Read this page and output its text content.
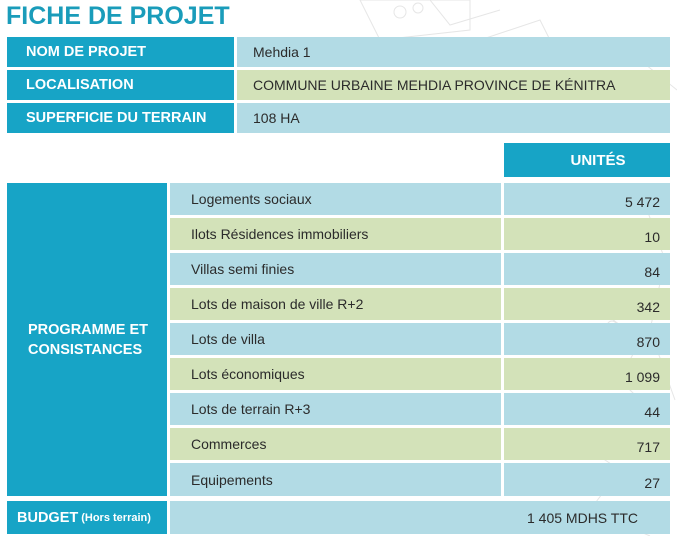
FICHE DE PROJET
NOM DE PROJET	Mehdia 1
LOCALISATION	COMMUNE URBAINE MEHDIA PROVINCE DE KÉNITRA
SUPERFICIE DU TERRAIN	108 HA
UNITÉS
PROGRAMME ET
CONSISTANCES
Logements sociaux	5 472
Ilots Résidences immobiliers	10
Villas semi finies	84
Lots de maison de ville R+2	342
Lots de villa	870
Lots économiques	1 099
Lots de terrain R+3	44
Commerces	717
Equipements	27
BUDGET (Hors terrain)	1 405 MDHS TTC
